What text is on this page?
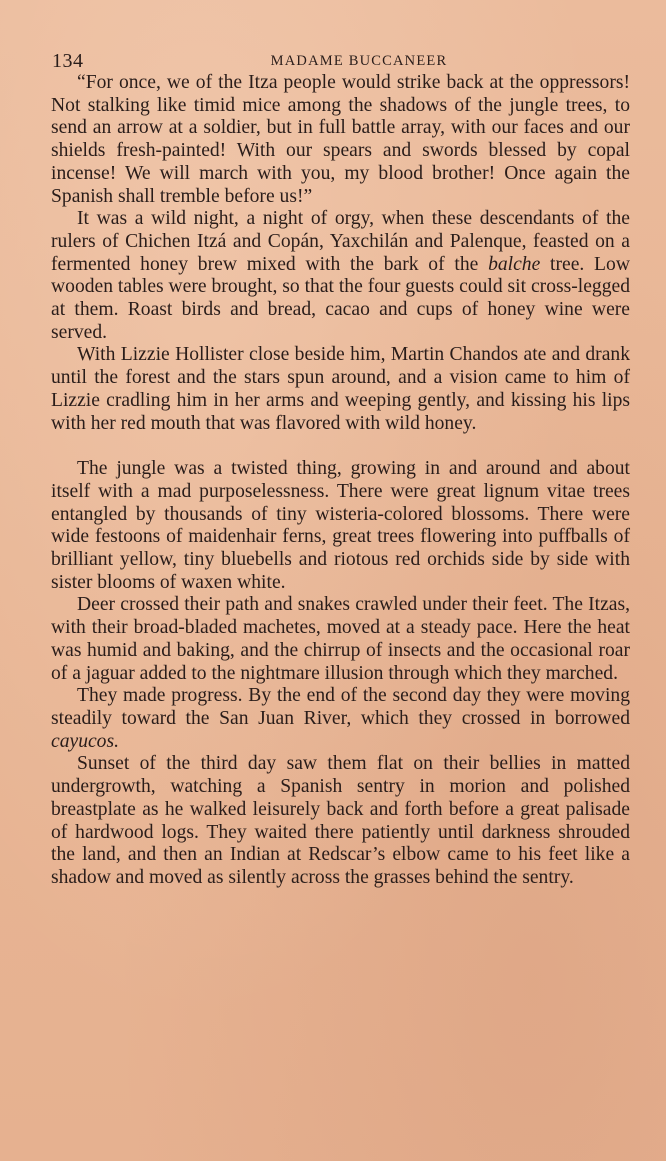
134	MADAME BUCCANEER

“For once, we of the Itza people would strike back at the oppressors! Not stalking like timid mice among the shadows of the jungle trees, to send an arrow at a soldier, but in full battle array, with our faces and our shields fresh-painted! With our spears and swords blessed by copal incense! We will march with you, my blood brother! Once again the Spanish shall tremble before us!”

It was a wild night, a night of orgy, when these descendants of the rulers of Chichen Itzá and Copán, Yaxchilán and Palenque, feasted on a fermented honey brew mixed with the bark of the balche tree. Low wooden tables were brought, so that the four guests could sit cross-legged at them. Roast birds and bread, cacao and cups of honey wine were served.

With Lizzie Hollister close beside him, Martin Chandos ate and drank until the forest and the stars spun around, and a vision came to him of Lizzie cradling him in her arms and weeping gently, and kissing his lips with her red mouth that was flavored with wild honey.

The jungle was a twisted thing, growing in and around and about itself with a mad purposelessness. There were great lignum vitae trees entangled by thousands of tiny wisteria-colored blossoms. There were wide festoons of maidenhair ferns, great trees flowering into puffballs of brilliant yellow, tiny bluebells and riotous red orchids side by side with sister blooms of waxen white.

Deer crossed their path and snakes crawled under their feet. The Itzas, with their broad-bladed machetes, moved at a steady pace. Here the heat was humid and baking, and the chirrup of insects and the occasional roar of a jaguar added to the nightmare illusion through which they marched.

They made progress. By the end of the second day they were moving steadily toward the San Juan River, which they crossed in borrowed cayucos.

Sunset of the third day saw them flat on their bellies in matted undergrowth, watching a Spanish sentry in morion and polished breastplate as he walked leisurely back and forth before a great palisade of hardwood logs. They waited there patiently until darkness shrouded the land, and then an Indian at Redscar’s elbow came to his feet like a shadow and moved as silently across the grasses behind the sentry.
